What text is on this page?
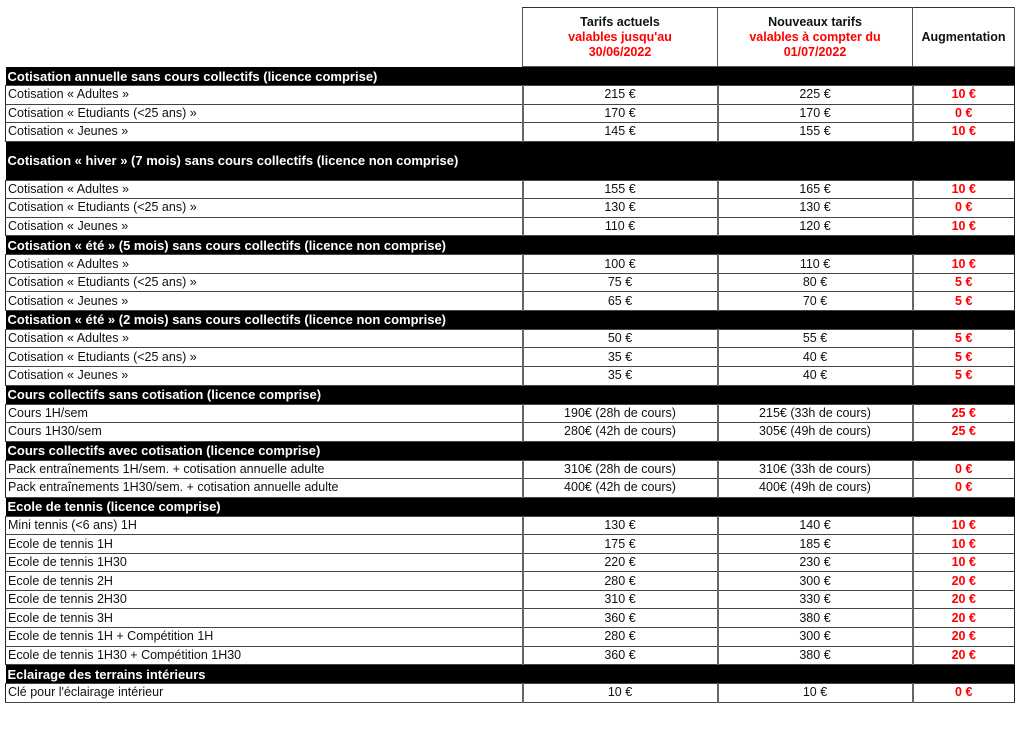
	Tarifs actuels
valables jusqu'au
30/06/2022	Nouveaux tarifs
valables à compter du
01/07/2022	Augmentation
Cotisation annuelle sans cours collectifs (licence comprise)			
Cotisation « Adultes »	215 €	225 €	10 €
Cotisation « Etudiants (<25 ans) »	170 €	170 €	0 €
Cotisation « Jeunes »	145 €	155 €	10 €
Cotisation « hiver » (7 mois) sans cours collectifs (licence non comprise)			
Cotisation « Adultes »	155 €	165 €	10 €
Cotisation « Etudiants (<25 ans) »	130 €	130 €	0 €
Cotisation « Jeunes »	110 €	120 €	10 €
Cotisation « été » (5 mois) sans cours collectifs (licence non comprise)			
Cotisation « Adultes »	100 €	110 €	10 €
Cotisation « Etudiants (<25 ans) »	75 €	80 €	5 €
Cotisation « Jeunes »	65 €	70 €	5 €
Cotisation « été » (2 mois) sans cours collectifs (licence non comprise)			
Cotisation « Adultes »	50 €	55 €	5 €
Cotisation « Etudiants (<25 ans) »	35 €	40 €	5 €
Cotisation « Jeunes »	35 €	40 €	5 €
Cours collectifs sans cotisation (licence comprise)			
Cours 1H/sem	190€ (28h de cours)	215€ (33h de cours)	25 €
Cours 1H30/sem	280€ (42h de cours)	305€ (49h de cours)	25 €
Cours collectifs avec cotisation (licence comprise)			
Pack entraînements 1H/sem. + cotisation annuelle adulte	310€ (28h de cours)	310€ (33h de cours)	0 €
Pack entraînements 1H30/sem. + cotisation annuelle adulte	400€ (42h de cours)	400€ (49h de cours)	0 €
Ecole de tennis (licence comprise)			
Mini tennis (<6 ans) 1H	130 €	140 €	10 €
Ecole de tennis 1H	175 €	185 €	10 €
Ecole de tennis 1H30	220 €	230 €	10 €
Ecole de tennis 2H	280 €	300 €	20 €
Ecole de tennis 2H30	310 €	330 €	20 €
Ecole de tennis 3H	360 €	380 €	20 €
Ecole de tennis 1H + Compétition 1H	280 €	300 €	20 €
Ecole de tennis 1H30 + Compétition 1H30	360 €	380 €	20 €
Eclairage des terrains intérieurs			
Clé pour l'éclairage intérieur	10 €	10 €	0 €
